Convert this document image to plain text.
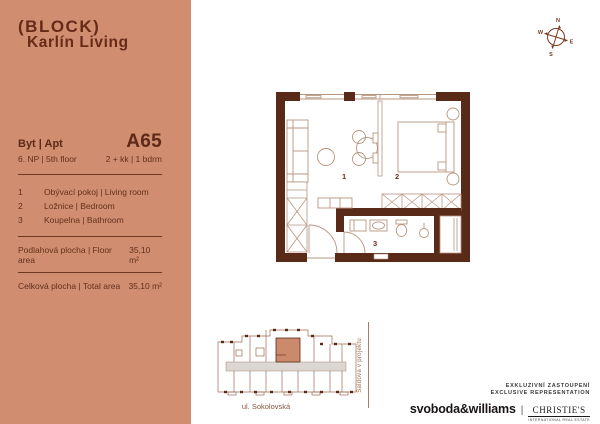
(BLOCK)
Karlín Living
Byt | Apt	A65
6. NP | 5th floor	2 + kk | 1 bdrm
1	Obývací pokoj | Living room
2	Ložnice | Bedroom
3	Koupelna | Bathroom
Podlahová plocha | Floor area
35,10 m²
Celková plocha | Total area 35,10 m²
N
E
S
W
1	2
3
Šaldova v projektu
ul. Sokolovská
EXKLUZIVNÍ ZASTOUPENÍ
EXCLUSIVE REPRESENTATION
svoboda&williams |	CHRISTIE'S
INTERNATIONAL REAL ESTATE
